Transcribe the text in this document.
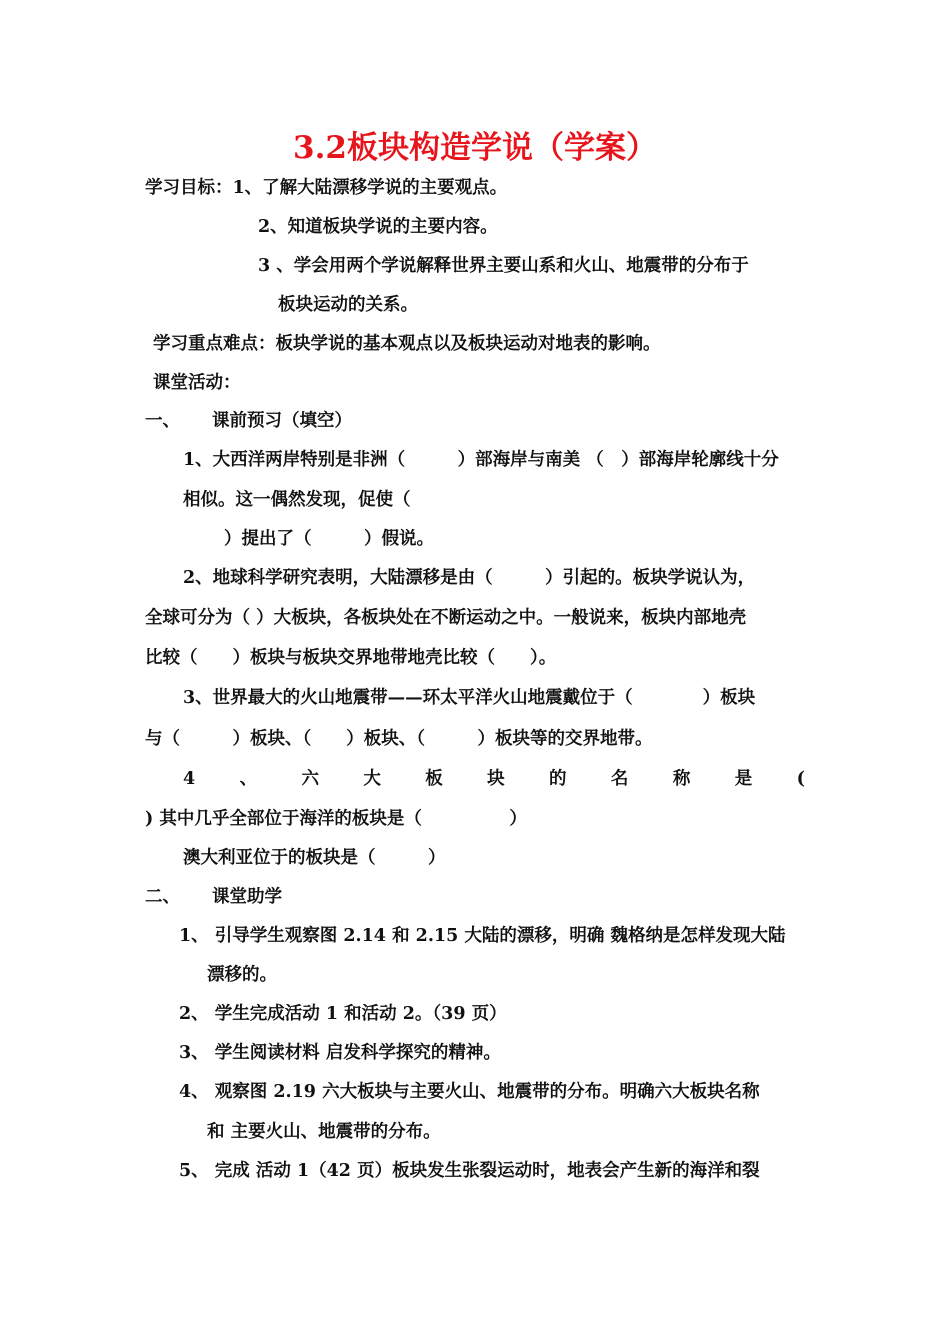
3.2板块构造学说（学案）
学习目标：1、了解大陆漂移学说的主要观点。
2、知道板块学说的主要内容。
3 、学会用两个学说解释世界主要山系和火山、地震带的分布于
板块运动的关系。
学习重点难点：板块学说的基本观点以及板块运动对地表的影响。
课堂活动：
一、 课前预习（填空）
1、大西洋两岸特别是非洲（　　　）部海岸与南美 （　）部海岸轮廓线十分
相似。这一偶然发现，促使（
）提出了（　　　）假说。
2、地球科学研究表明，大陆漂移是由（　　　）引起的。板块学说认为，
全球可分为（ ）大板块，各板块处在不断运动之中。一般说来，板块内部地壳
比较（　　）板块与板块交界地带地壳比较（　　）。
3、世界最大的火山地震带——环太平洋火山地震戴位于（　　　　）板块
与（　　　）板块、（　　）板块、（　　　）板块等的交界地带。
4	、	六	大	板	块	的	名	称	是	(
) 其中几乎全部位于海洋的板块是（　　　　　）
澳大利亚位于的板块是（　　　）
二、 课堂助学
1、 引导学生观察图 2.14 和 2.15 大陆的漂移，明确 魏格纳是怎样发现大陆
漂移的。
2、 学生完成活动 1 和活动 2。（39 页）
3、 学生阅读材料 启发科学探究的精神。
4、 观察图 2.19 六大板块与主要火山、地震带的分布。明确六大板块名称
和 主要火山、地震带的分布。
5、 完成 活动 1（42 页）板块发生张裂运动时，地表会产生新的海洋和裂
